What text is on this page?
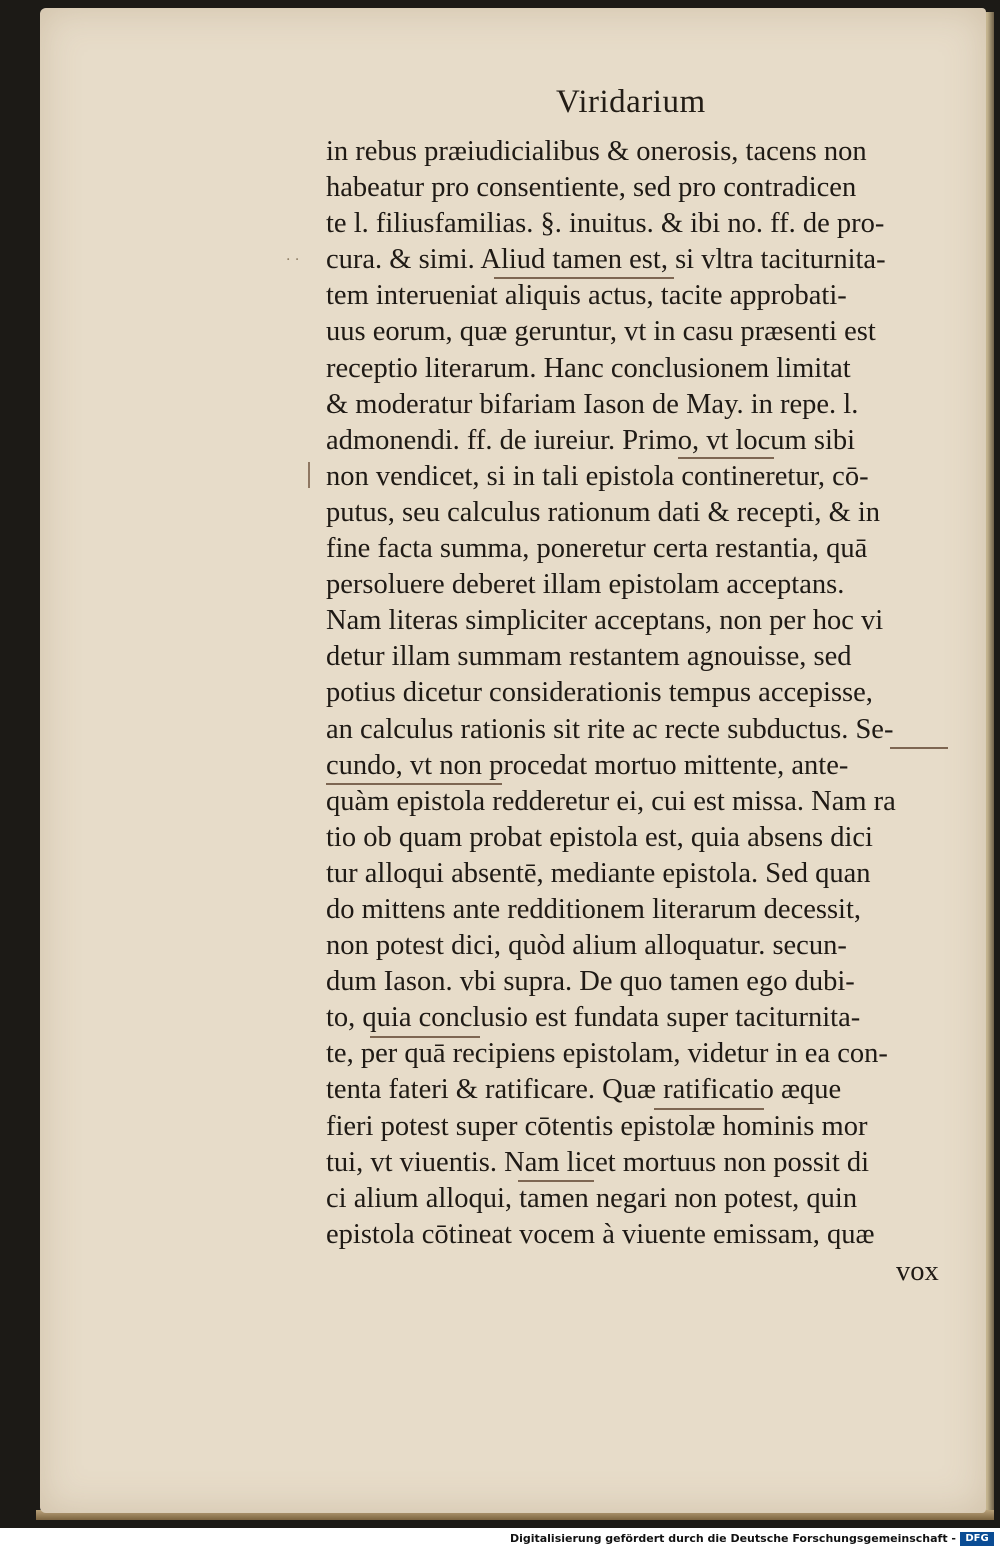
Viridarium
· ·
in rebus præiudicialibus & onerosis, tacens non
habeatur pro consentiente, sed pro contradicen
te l. filiusfamilias. §. inuitus. & ibi no. ff. de pro-
cura. & simi. Aliud tamen est, si vltra taciturnita-
tem interueniat aliquis actus, tacite approbati-
uus eorum, quæ geruntur, vt in casu præsenti est
receptio literarum. Hanc conclusionem limitat
& moderatur bifariam Iason de May. in repe. l.
admonendi. ff. de iureiur. Primo, vt locum sibi
non vendicet, si in tali epistola contineretur, cō-
putus, seu calculus rationum dati & recepti, & in
fine facta summa, poneretur certa restantia, quā
persoluere deberet illam epistolam acceptans.
Nam literas simpliciter acceptans, non per hoc vi
detur illam summam restantem agnouisse, sed
potius dicetur considerationis tempus accepisse,
an calculus rationis sit rite ac recte subductus. Se-
cundo, vt non procedat mortuo mittente, ante-
quàm epistola redderetur ei, cui est missa. Nam ra
tio ob quam probat epistola est, quia absens dici
tur alloqui absentē, mediante epistola. Sed quan
do mittens ante redditionem literarum decessit,
non potest dici, quòd alium alloquatur. secun-
dum Iason. vbi supra. De quo tamen ego dubi-
to, quia conclusio est fundata super taciturnita-
te, per quā recipiens epistolam, videtur in ea con-
tenta fateri & ratificare. Quæ ratificatio æque
fieri potest super cōtentis epistolæ hominis mor
tui, vt viuentis. Nam licet mortuus non possit di
ci alium alloqui, tamen negari non potest, quin
epistola cōtineat vocem à viuente emissam, quæ
vox
Digitalisierung gefördert durch die Deutsche Forschungsgemeinschaft - DFG
